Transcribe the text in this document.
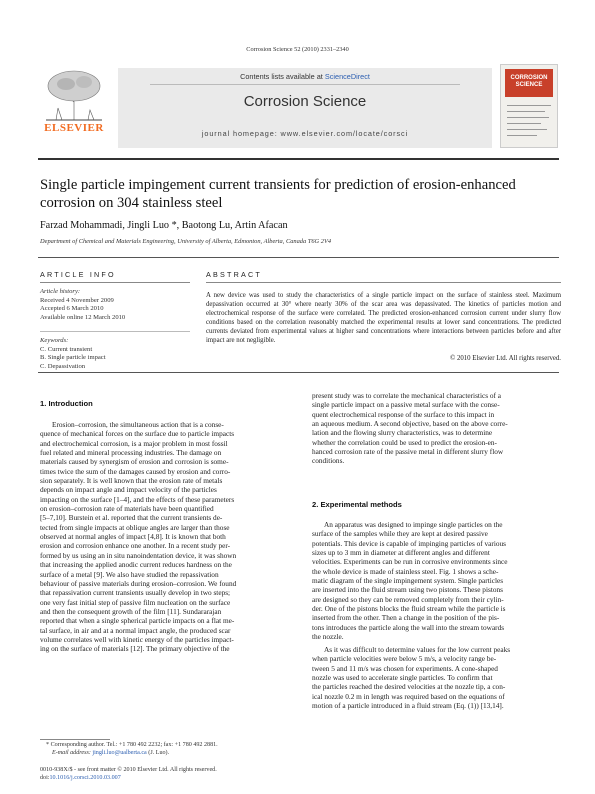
Corrosion Science 52 (2010) 2331–2340
ELSEVIER
Contents lists available at ScienceDirect
Corrosion Science
journal homepage: www.elsevier.com/locate/corsci
CORROSION SCIENCE
Single particle impingement current transients for prediction of erosion-enhanced corrosion on 304 stainless steel
Farzad Mohammadi, Jingli Luo *, Baotong Lu, Artin Afacan
Department of Chemical and Materials Engineering, University of Alberta, Edmonton, Alberta, Canada T6G 2V4
ARTICLE INFO
Article history:
Received 4 November 2009
Accepted 6 March 2010
Available online 12 March 2010
Keywords:
C. Current transient
B. Single particle impact
C. Depassivation
ABSTRACT
A new device was used to study the characteristics of a single particle impact on the surface of stainless steel. Maximum depassivation occurred at 30° where nearly 30% of the scar area was depassivated. The kinetics of particles motion and electrochemical response of the surface were correlated. The predicted erosion-enhanced corrosion current under slurry flow conditions based on the correlation reasonably matched the experimental results at lower sand concentrations. The predicted currents deviated from experimental values at higher sand concentrations where interactions between particles before and after impact are not negligible.
© 2010 Elsevier Ltd. All rights reserved.
1. Introduction
Erosion–corrosion, the simultaneous action that is a conse-
quence of mechanical forces on the surface due to particle impacts
and electrochemical corrosion, is a major problem in most fossil
fuel related and mineral processing industries. The damage on
materials caused by synergism of erosion and corrosion is some-
times twice the sum of the damages caused by erosion and corro-
sion separately. It is well known that the erosion rate of metals
depends on impact angle and impact velocity of the particles
impacting on the surface [1–4], and the effects of these parameters
on erosion–corrosion rate of materials have been quantified
[5–7,10]. Burstein et al. reported that the current transients de-
tected from single impacts at oblique angles are larger than those
observed at normal angles of impact [4,8]. It is known that both
erosion and corrosion enhance one another. In a recent study per-
formed by us using an in situ nanoindentation device, it was shown
that increasing the applied anodic current reduces hardness on the
surface of a metal [9]. We also have studied the repassivation
behaviour of passive materials during erosion–corrosion. We found
that repassivation current transients usually develop in two steps;
one very fast initial step of passive film nucleation on the surface
and then the consequent growth of the film [11]. Sundararajan
reported that when a single spherical particle impacts on a flat me-
tal surface, in air and at a normal impact angle, the produced scar
volume correlates well with kinetic energy of the particles impact-
ing on the surface of materials [12]. The primary objective of the
* Corresponding author. Tel.: +1 780 492 2232; fax: +1 780 492 2881.
E-mail address: jingli.luo@ualberta.ca (J. Luo).
0010-938X/$ - see front matter © 2010 Elsevier Ltd. All rights reserved.
doi:10.1016/j.corsci.2010.03.007
present study was to correlate the mechanical characteristics of a
single particle impact on a passive metal surface with the conse-
quent electrochemical response of the surface to this impact in
an aqueous medium. A second objective, based on the above corre-
lation and the flowing slurry characteristics, was to determine
whether the correlation could be used to predict the erosion-en-
hanced corrosion rate of the passive metal in different slurry flow
conditions.
2. Experimental methods
An apparatus was designed to impinge single particles on the
surface of the samples while they are kept at desired passive
potentials. This device is capable of impinging particles of various
sizes up to 3 mm in diameter at different angles and different
velocities. Experiments can be run in corrosive environments since
the whole device is made of stainless steel. Fig. 1 shows a sche-
matic diagram of the single impingement system. Single particles
are inserted into the fluid stream using two pistons. These pistons
are designed so they can be removed completely from their cylin-
der. One of the pistons blocks the fluid stream while the particle is
inserted from the other. Then a change in the position of the pis-
tons introduces the particle along the wall into the stream towards
the nozzle.
As it was difficult to determine values for the low current peaks
when particle velocities were below 5 m/s, a velocity range be-
tween 5 and 11 m/s was chosen for experiments. A cone-shaped
nozzle was used to accelerate single particles. To confirm that
the particles reached the desired velocities at the nozzle tip, a con-
ical nozzle 0.2 m in length was required based on the equations of
motion of a particle introduced in a fluid stream (Eq. (1)) [13,14].
